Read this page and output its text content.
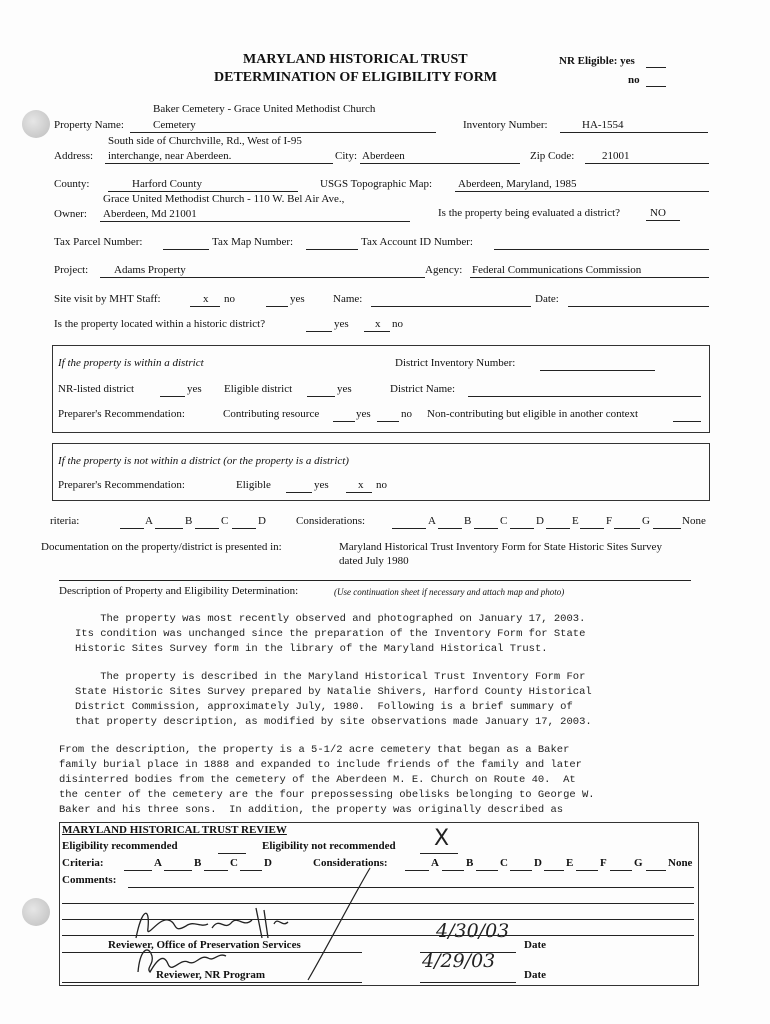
MARYLAND HISTORICAL TRUST
DETERMINATION OF ELIGIBILITY FORM
NR Eligible: yes
no
Baker Cemetery - Grace United Methodist Church
Property Name:	Cemetery	Inventory Number:	HA-1554
South side of Churchville, Rd., West of I-95
Address: interchange, near Aberdeen.	City: Aberdeen	Zip Code:	21001
County:	Harford County	USGS Topographic Map: Aberdeen, Maryland, 1985
Grace United Methodist Church - 110 W. Bel Air Ave.,
Owner: Aberdeen, Md 21001	Is the property being evaluated a district?	NO
Tax Parcel Number:	Tax Map Number:	Tax Account ID Number:
Project: Adams Property	Agency: Federal Communications Commission
Site visit by MHT Staff:	x no	yes	Name:	Date:
Is the property located within a historic district?	yes x no
If the property is within a district	District Inventory Number:
NR-listed district	yes Eligible district	yes	District Name:
Preparer's Recommendation:	Contributing resource	yes	no Non-contributing but eligible in another context
If the property is not within a district (or the property is a district)
Preparer's Recommendation:	Eligible	yes	x no
riteria:	A	B	C	D	Considerations:	A	B	C	D	E F	G	None
Documentation on the property/district is presented in:	Maryland Historical Trust Inventory Form for State Historic Sites Survey
dated July 1980
Description of Property and Eligibility Determination:	(Use continuation sheet if necessary and attach map and photo)
The property was most recently observed and photographed on January 17, 2003.
Its condition was unchanged since the preparation of the Inventory Form for State
Historic Sites Survey form in the library of the Maryland Historical Trust.
The property is described in the Maryland Historical Trust Inventory Form For
State Historic Sites Survey prepared by Natalie Shivers, Harford County Historical
District Commission, approximately July, 1980.  Following is a brief summary of
that property description, as modified by site observations made January 17, 2003.
From the description, the property is a 5-1/2 acre cemetery that began as a Baker
family burial place in 1888 and expanded to include friends of the family and later
disinterred bodies from the cemetery of the Aberdeen M. E. Church on Route 40.  At
the center of the cemetery are the four prepossessing obelisks belonging to George W.
Baker and his three sons.  In addition, the property was originally described as
MARYLAND HISTORICAL TRUST REVIEW
Eligibility recommended	Eligibility not recommended X
Criteria:	A	B	C D	Considerations:	A B C D E F G None
Comments:
Reviewer, Office of Preservation Services
4/30/03
Date
Reviewer, NR Program
4/29/03
Date
